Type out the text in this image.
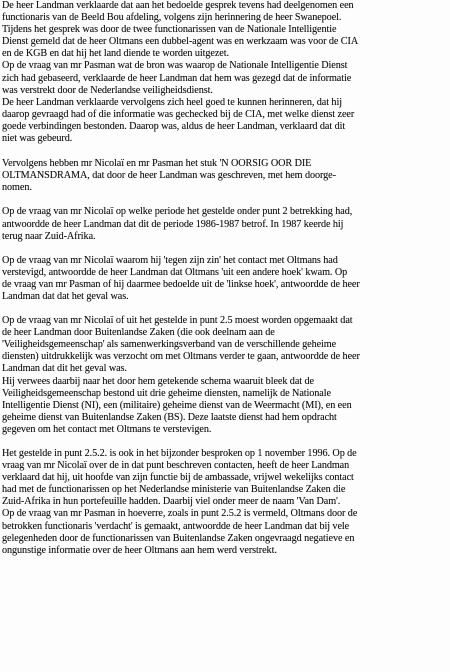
De heer Landman verklaarde dat aan het bedoelde gesprek tevens had deelgenomen een
functionaris van de Beeld Bou afdeling, volgens zijn herinnering de heer Swanepoel.
Tijdens het gesprek was door de twee functionarissen van de Nationale Intelligentie
Dienst gemeld dat de heer Oltmans een dubbel-agent was en werkzaam was voor de CIA
en de KGB en dat hij het land diende te worden uitgezet.
Op de vraag van mr Pasman wat de bron was waarop de Nationale Intelligentie Dienst
zich had gebaseerd, verklaarde de heer Landman dat hem was gezegd dat de informatie
was verstrekt door de Nederlandse veiligheidsdienst.
De heer Landman verklaarde vervolgens zich heel goed te kunnen herinneren, dat hij
daarop gevraagd had of die informatie was gechecked bij de CIA, met welke dienst zeer
goede verbindingen bestonden. Daarop was, aldus de heer Landman, verklaard dat dit
niet was gebeurd.

Vervolgens hebben mr Nicolaï en mr Pasman het stuk 'N OORSIG OOR DIE
OLTMANSDRAMA, dat door de heer Landman was geschreven, met hem doorge-
nomen.

Op de vraag van mr Nicolaï op welke periode het gestelde onder punt 2 betrekking had,
antwoordde de heer Landman dat dit de periode 1986-1987 betrof. In 1987 keerde hij
terug naar Zuid-Afrika.

Op de vraag van mr Nicolaï waarom hij 'tegen zijn zin' het contact met Oltmans had
verstevigd, antwoordde de heer Landman dat Oltmans 'uit een andere hoek' kwam. Op
de vraag van mr Pasman of hij daarmee bedoelde uit de 'linkse hoek', antwoordde de heer
Landman dat dat het geval was.

Op de vraag van mr Nicolaï of uit het gestelde in punt 2.5 moest worden opgemaakt dat
de heer Landman door Buitenlandse Zaken (die ook deelnam aan de
'Veiligheidsgemeenschap' als samenwerkingsverband van de verschillende geheime
diensten) uitdrukkelijk was verzocht om met Oltmans verder te gaan, antwoordde de heer
Landman dat dit het geval was.
Hij verwees daarbij naar het door hem getekende schema waaruit bleek dat de
Veiligheidsgemeenschap bestond uit drie geheime diensten, namelijk de Nationale
Intelligentie Dienst (NI), een (militaire) geheime dienst van de Weermacht (MI), en een
geheime dienst van Buitenlandse Zaken (BS). Deze laatste dienst had hem opdracht
gegeven om het contact met Oltmans te verstevigen.

Het gestelde in punt 2.5.2. is ook in het bijzonder besproken op 1 november 1996. Op de
vraag van mr Nicolaï over de in dat punt beschreven contacten, heeft de heer Landman
verklaard dat hij, uit hoofde van zijn functie bij de ambassade, vrijwel wekelijks contact
had met de functionarissen op het Nederlandse ministerie van Buitenlandse Zaken die
Zuid-Afrika in hun portefeuille hadden. Daarbij viel onder meer de naam 'Van Dam'.
Op de vraag van mr Pasman in hoeverre, zoals in punt 2.5.2 is vermeld, Oltmans door de
betrokken functionaris 'verdacht' is gemaakt, antwoordde de heer Landman dat bij vele
gelegenheden door de functionarissen van Buitenlandse Zaken ongevraagd negatieve en
ongunstige informatie over de heer Oltmans aan hem werd verstrekt.
